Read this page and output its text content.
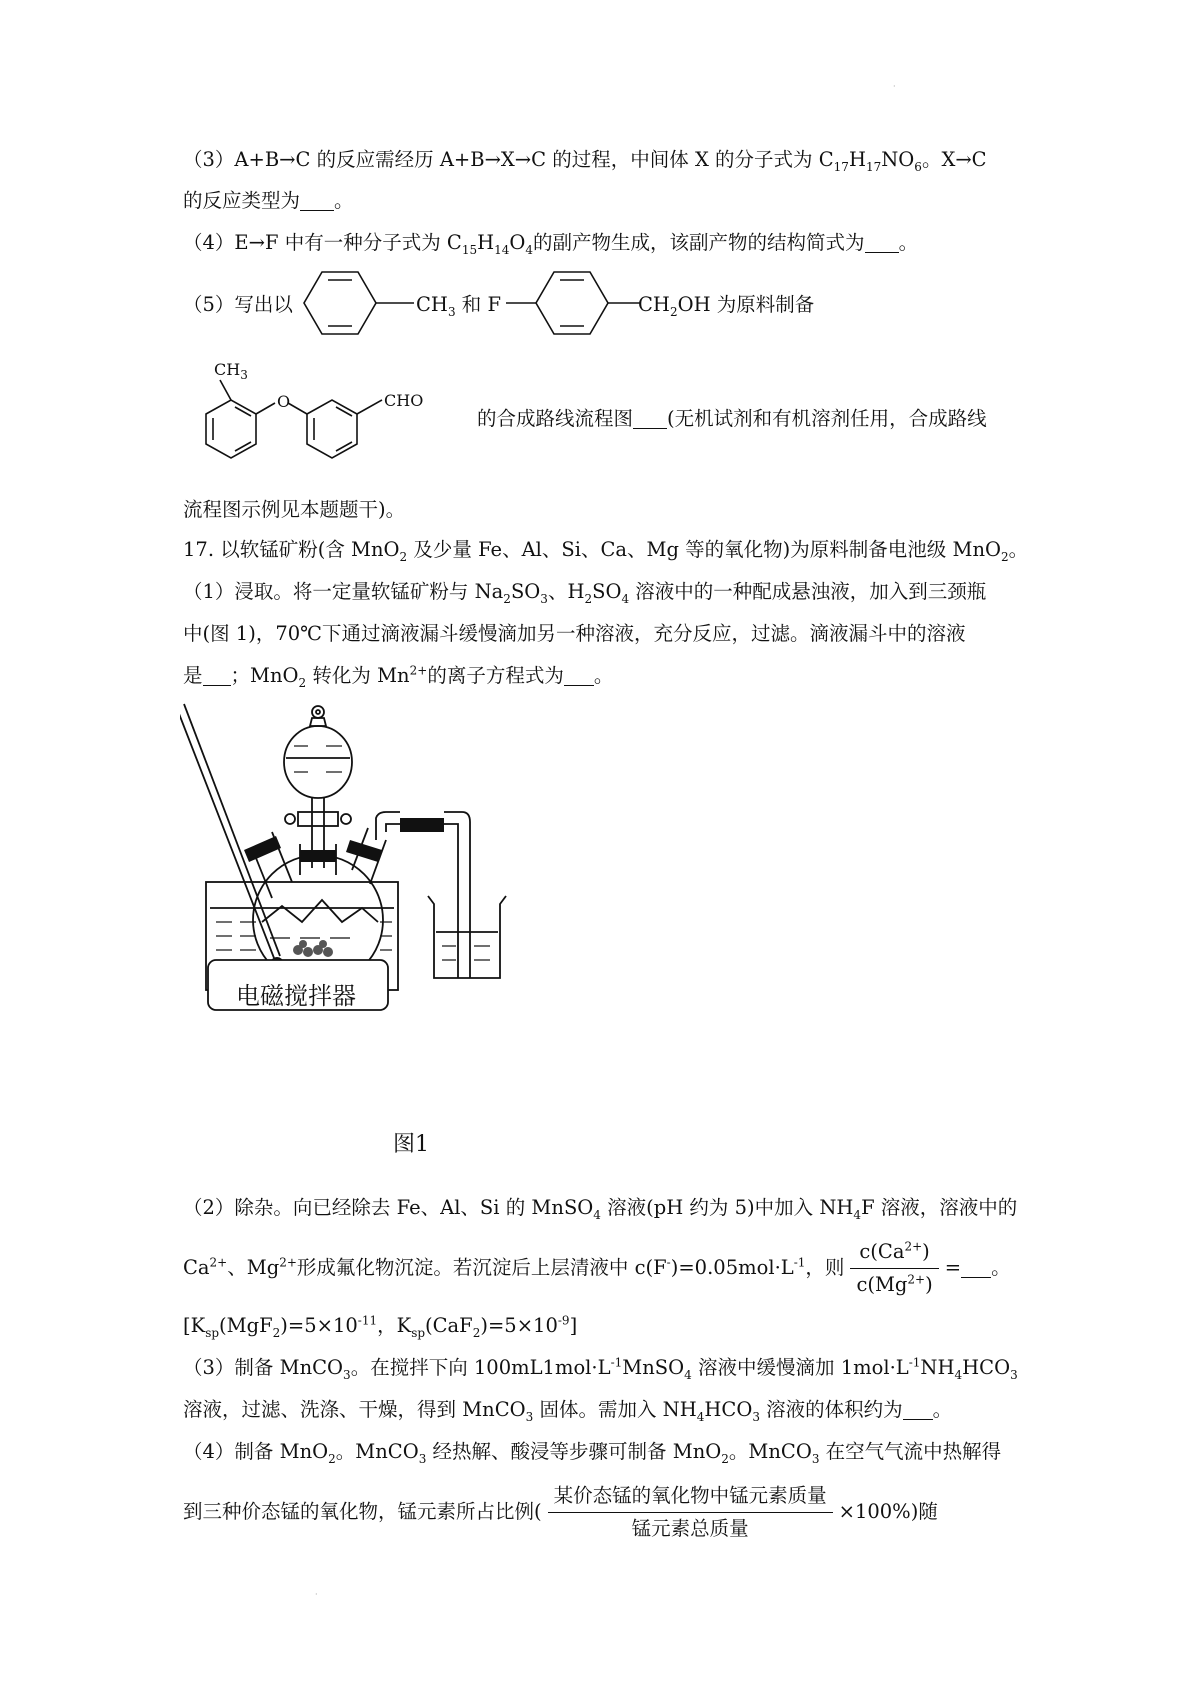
·
（3）A+B→C 的反应需经历 A+B→X→C 的过程，中间体 X 的分子式为 $C_{17}H_{17}NO_6$。X→C
的反应类型为 。
（4）E→F 中有一种分子式为 $C_{15}H_{14}O_4$的副产物生成，该副产物的结构简式为 。
（5）写出以	$CH_3$ 和 F	$CH_2OH$ 为原料制备
$CH_3$
O	CHO
的合成路线流程图 (无机试剂和有机溶剂任用，合成路线
流程图示例见本题题干)。
17. 以软锰矿粉(含 MnO$_2$ 及少量 Fe、Al、Si、Ca、Mg 等的氧化物)为原料制备电池级 MnO$_2$。
（1）浸取。将一定量软锰矿粉与 $Na_2SO_3$、$H_2SO_4$ 溶液中的一种配成悬浊液，加入到三颈瓶
中(图 1)，70℃下通过滴液漏斗缓慢滴加另一种溶液，充分反应，过滤。滴液漏斗中的溶液
是 ；MnO$_2$ 转化为 $Mn^{2+}$的离子方程式为 。
电磁搅拌器
图1
（2）除杂。向已经除去 Fe、Al、Si 的 MnSO$_4$ 溶液(pH 约为 5)中加入 $NH_4F$ 溶液，溶液中的
$Ca^{2+}$、$Mg^{2+}$形成氟化物沉淀。若沉淀后上层清液中 $c(F^-)=0.05mol\cdot L^{-1}$，则 $\frac{c(Ca^{2+})}{c(Mg^{2+})}$ = 。
[$K_{sp}(MgF_2)=5\times 10^{-11}$，$K_{sp}(CaF_2)=5\times 10^{-9}$]
（3）制备 MnCO$_3$。在搅拌下向 $100mL1mol\cdot L^{-1}MnSO_4$ 溶液中缓慢滴加 $1mol\cdot L^{-1}NH_4HCO_3$
溶液，过滤、洗涤、干燥，得到 MnCO$_3$ 固体。需加入 $NH_4HCO_3$ 溶液的体积约为 。
（4）制备 MnO$_2$。MnCO$_3$ 经热解、酸浸等步骤可制备 MnO$_2$。MnCO$_3$ 在空气气流中热解得
到三种价态锰的氧化物，锰元素所占比例( $\frac{\text{某价态锰的氧化物中锰元素质量}}{\text{锰元素总质量}} \times 100\%$)随
·
